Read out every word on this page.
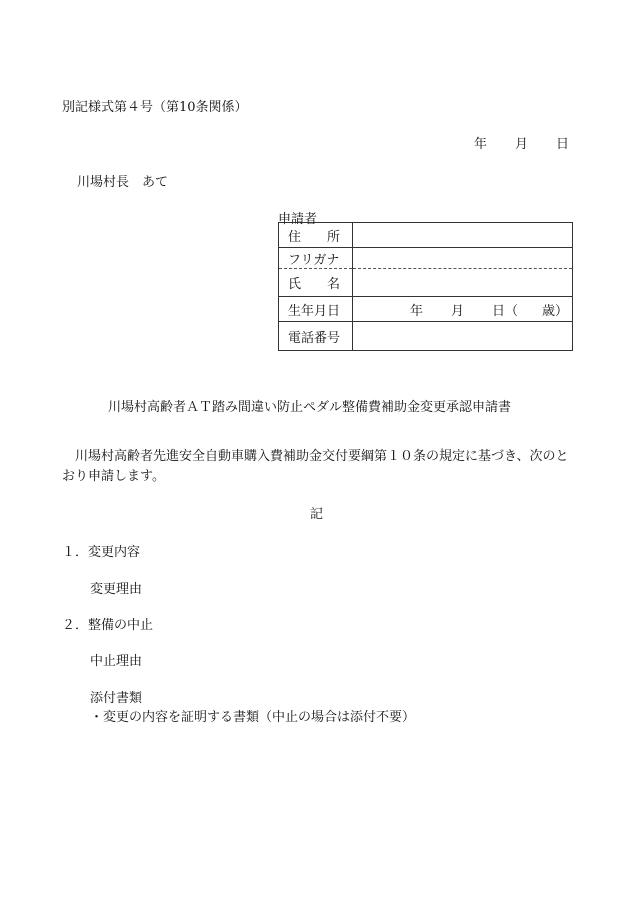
別記様式第４号（第10条関係）
年 月 日
川場村長　あて
申請者
住　　所	
フリガナ	
氏　　名	
生年月日	年 月 日（ 歳）
電話番号	
川場村高齢者ＡＴ踏み間違い防止ペダル整備費補助金変更承認申請書
川場村高齢者先進安全自動車購入費補助金交付要綱第１０条の規定に基づき、次のとおり申請します。
記
１．変更内容
変更理由
２．整備の中止
中止理由
添付書類
・変更の内容を証明する書類（中止の場合は添付不要）
